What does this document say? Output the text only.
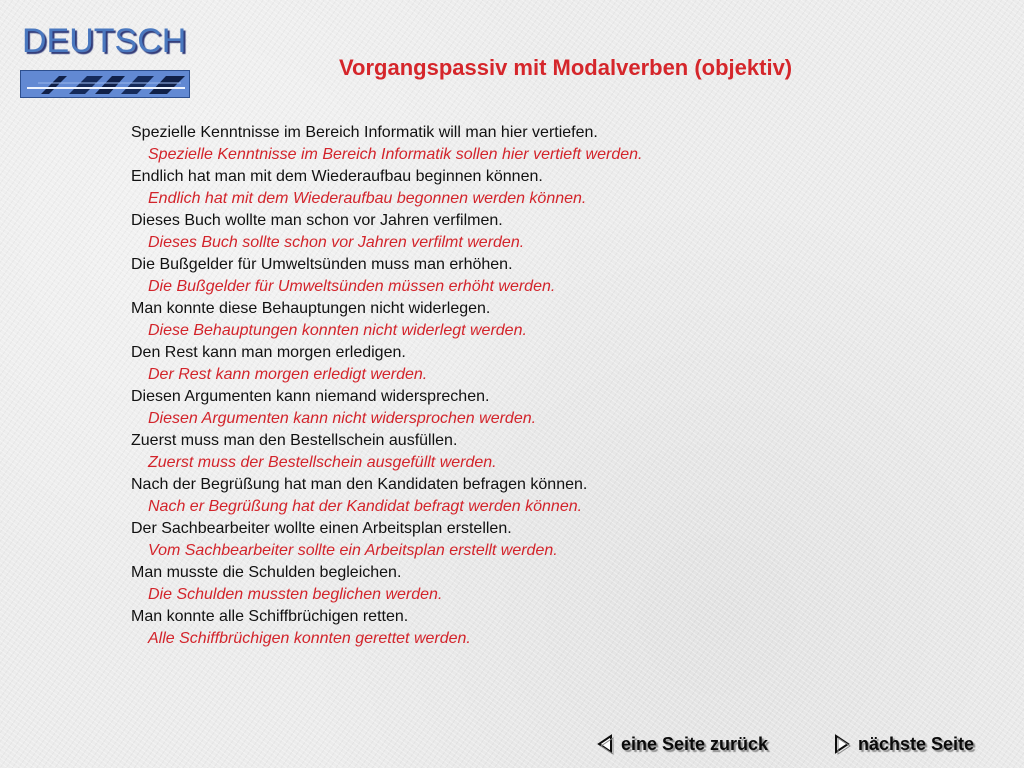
DEUTSCH
Vorgangspassiv mit Modalverben (objektiv)
Spezielle Kenntnisse im Bereich Informatik will man hier vertiefen.
Spezielle Kenntnisse im Bereich Informatik sollen hier vertieft werden.
Endlich hat man mit dem Wiederaufbau beginnen können.
Endlich hat mit dem Wiederaufbau begonnen werden können.
Dieses Buch wollte man schon vor Jahren verfilmen.
Dieses Buch sollte schon vor Jahren verfilmt werden.
Die Bußgelder für Umweltsünden muss man erhöhen.
Die Bußgelder für Umweltsünden müssen erhöht werden.
Man konnte diese Behauptungen nicht widerlegen.
Diese Behauptungen konnten nicht widerlegt werden.
Den Rest kann man morgen erledigen.
Der Rest kann morgen erledigt werden.
Diesen Argumenten kann niemand widersprechen.
Diesen Argumenten kann nicht widersprochen werden.
Zuerst muss man den Bestellschein ausfüllen.
Zuerst muss der Bestellschein ausgefüllt werden.
Nach der Begrüßung hat man den Kandidaten befragen können.
Nach er Begrüßung hat der Kandidat befragt werden können.
Der Sachbearbeiter wollte einen Arbeitsplan erstellen.
Vom Sachbearbeiter sollte ein Arbeitsplan erstellt werden.
Man musste die Schulden begleichen.
Die Schulden mussten beglichen werden.
Man konnte alle Schiffbrüchigen retten.
Alle Schiffbrüchigen konnten gerettet werden.
eine Seite zurück	nächste Seite
